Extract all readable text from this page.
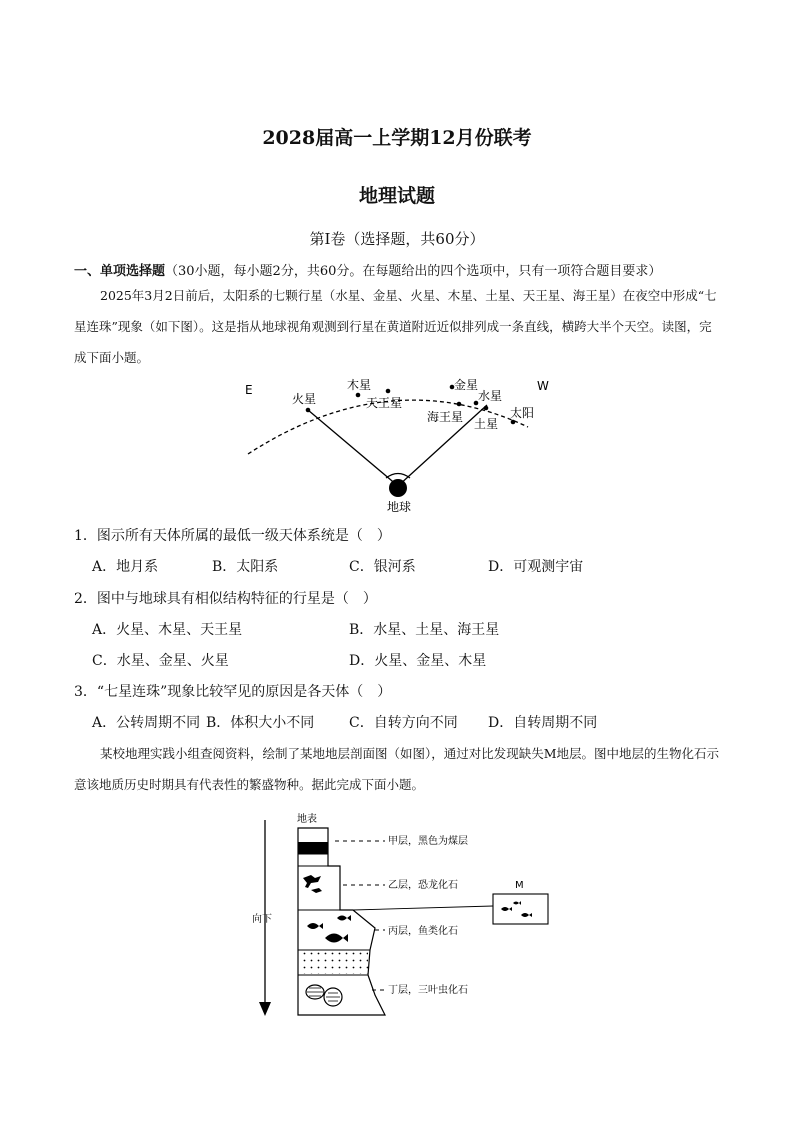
2028届高一上学期12月份联考
地理试题
第Ⅰ卷（选择题，共60分）
一、单项选择题（30小题，每小题2分，共60分。在每题给出的四个选项中，只有一项符合题目要求）
2025年3月2日前后，太阳系的七颗行星（水星、金星、火星、木星、土星、天王星、海王星）在夜空中形成“七星连珠”现象（如下图）。这是指从地球视角观测到行星在黄道附近近似排列成一条直线，横跨大半个天空。读图，完成下面小题。
E	W
火星
木星
天王星
金星
水星
海王星 土星
太阳
地球
1．图示所有天体所属的最低一级天体系统是（　）
A．地月系	B．太阳系	C．银河系	D．可观测宇宙
2．图中与地球具有相似结构特征的行星是（　）
A．火星、木星、天王星	B．水星、土星、海王星
C．水星、金星、火星	D．火星、金星、木星
3．“七星连珠”现象比较罕见的原因是各天体（　）
A．公转周期不同 B．体积大小不同 C．自转方向不同 D．自转周期不同
某校地理实践小组查阅资料，绘制了某地地层剖面图（如图），通过对比发现缺失M地层。图中地层的生物化石示意该地质历史时期具有代表性的繁盛物种。据此完成下面小题。
向下
地表
甲层，黑色为煤层
乙层，恐龙化石
丙层，鱼类化石
丁层，三叶虫化石
M
